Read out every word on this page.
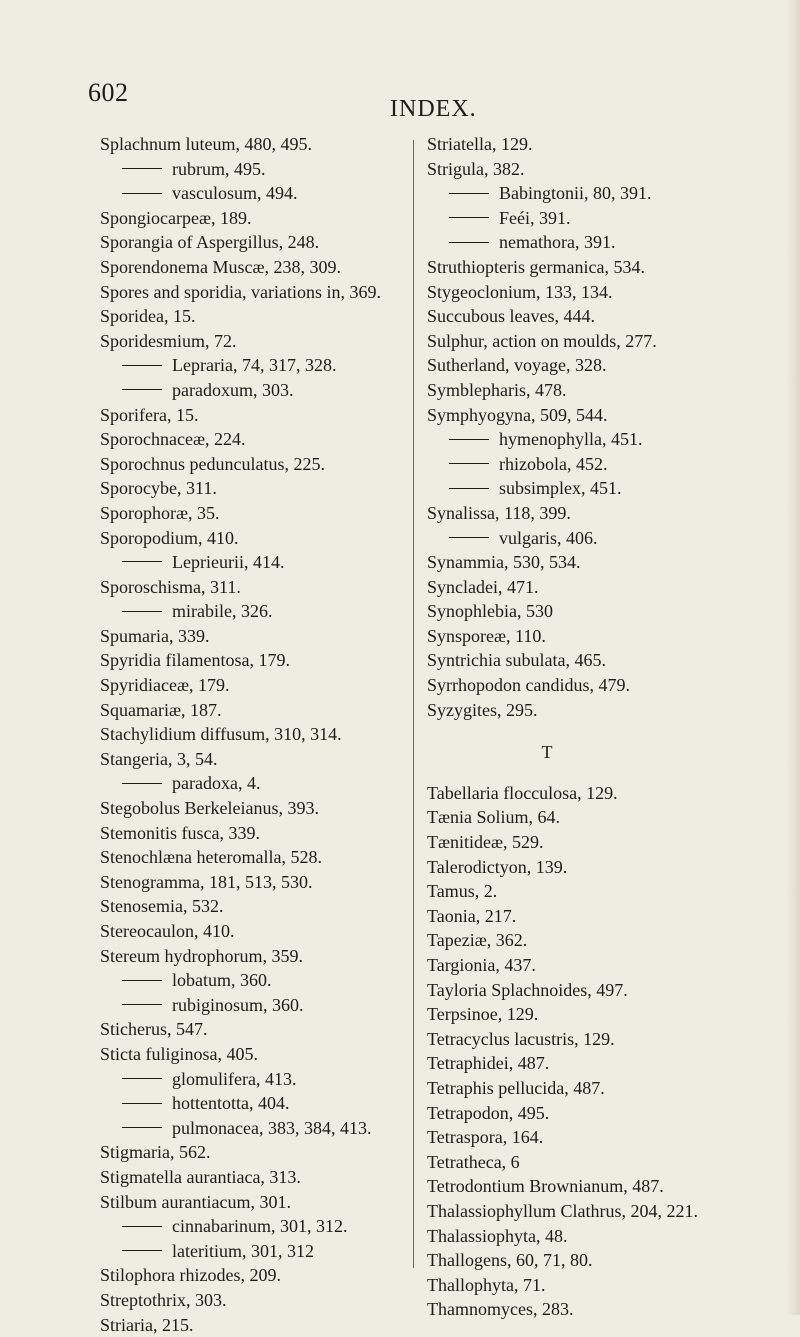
602
INDEX.
Splachnum luteum, 480, 495.
rubrum, 495.
vasculosum, 494.
Spongiocarpeæ, 189.
Sporangia of Aspergillus, 248.
Sporendonema Muscæ, 238, 309.
Spores and sporidia, variations in, 369.
Sporidea, 15.
Sporidesmium, 72.
Lepraria, 74, 317, 328.
paradoxum, 303.
Sporifera, 15.
Sporochnaceæ, 224.
Sporochnus pedunculatus, 225.
Sporocybe, 311.
Sporophoræ, 35.
Sporopodium, 410.
Leprieurii, 414.
Sporoschisma, 311.
mirabile, 326.
Spumaria, 339.
Spyridia filamentosa, 179.
Spyridiaceæ, 179.
Squamariæ, 187.
Stachylidium diffusum, 310, 314.
Stangeria, 3, 54.
paradoxa, 4.
Stegobolus Berkeleianus, 393.
Stemonitis fusca, 339.
Stenochlæna heteromalla, 528.
Stenogramma, 181, 513, 530.
Stenosemia, 532.
Stereocaulon, 410.
Stereum hydrophorum, 359.
lobatum, 360.
rubiginosum, 360.
Sticherus, 547.
Sticta fuliginosa, 405.
glomulifera, 413.
hottentotta, 404.
pulmonacea, 383, 384, 413.
Stigmaria, 562.
Stigmatella aurantiaca, 313.
Stilbum aurantiacum, 301.
cinnabarinum, 301, 312.
lateritium, 301, 312
Stilophora rhizodes, 209.
Streptothrix, 303.
Striaria, 215.
Striatella, 129.
Strigula, 382.
Babingtonii, 80, 391.
Feéi, 391.
nemathora, 391.
Struthiopteris germanica, 534.
Stygeoclonium, 133, 134.
Succubous leaves, 444.
Sulphur, action on moulds, 277.
Sutherland, voyage, 328.
Symblepharis, 478.
Symphyogyna, 509, 544.
hymenophylla, 451.
rhizobola, 452.
subsimplex, 451.
Synalissa, 118, 399.
vulgaris, 406.
Synammia, 530, 534.
Syncladei, 471.
Synophlebia, 530
Synsporeæ, 110.
Syntrichia subulata, 465.
Syrrhopodon candidus, 479.
Syzygites, 295.
T
Tabellaria flocculosa, 129.
Tænia Solium, 64.
Tænitideæ, 529.
Talerodictyon, 139.
Tamus, 2.
Taonia, 217.
Tapeziæ, 362.
Targionia, 437.
Tayloria Splachnoides, 497.
Terpsinoe, 129.
Tetracyclus lacustris, 129.
Tetraphidei, 487.
Tetraphis pellucida, 487.
Tetrapodon, 495.
Tetraspora, 164.
Tetratheca, 6
Tetrodontium Brownianum, 487.
Thalassiophyllum Clathrus, 204, 221.
Thalassiophyta, 48.
Thallogens, 60, 71, 80.
Thallophyta, 71.
Thamnomyces, 283.
